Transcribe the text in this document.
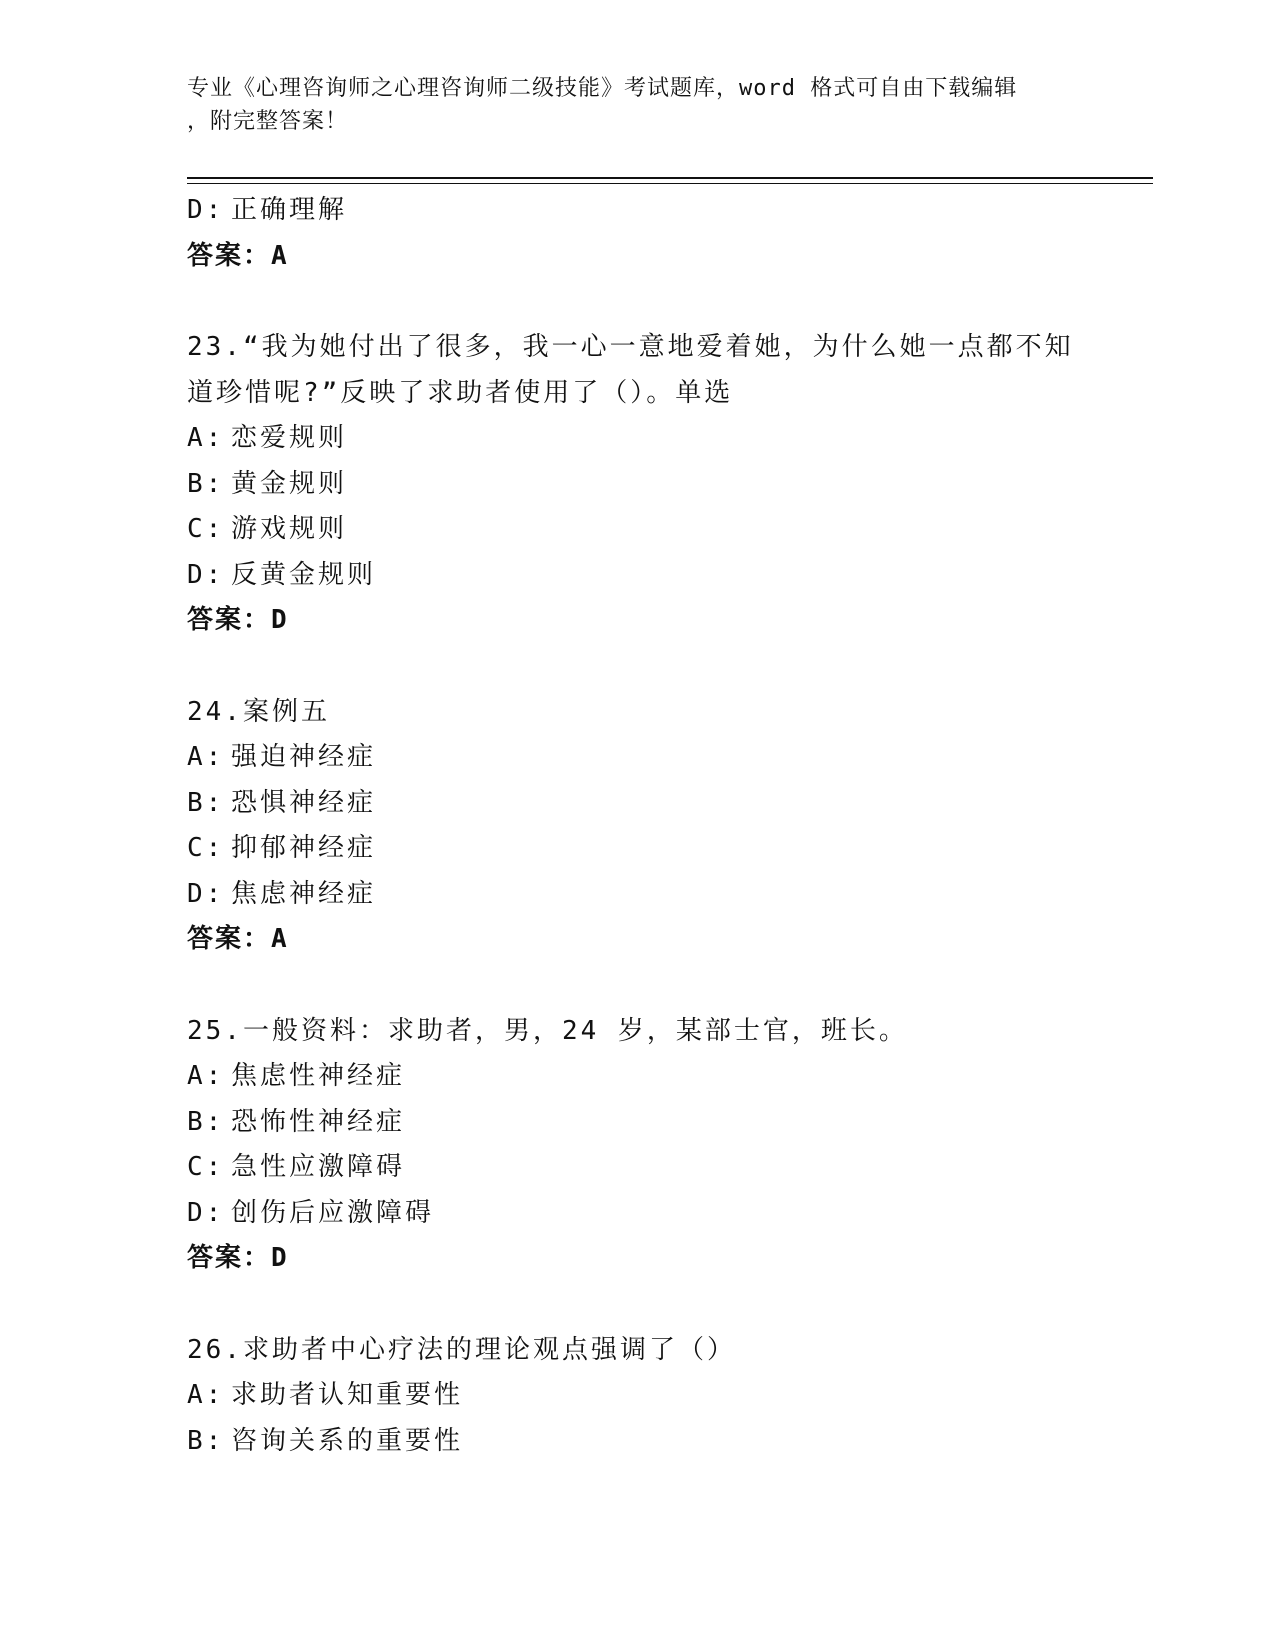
专业《心理咨询师之心理咨询师二级技能》考试题库，word 格式可自由下载编辑
，附完整答案！
D: 正确理解
答案：A
23.“我为她付出了很多，我一心一意地爱着她，为什么她一点都不知
道珍惜呢?”反映了求助者使用了（）。单选
A: 恋爱规则
B: 黄金规则
C: 游戏规则
D: 反黄金规则
答案：D
24.案例五
A: 强迫神经症
B: 恐惧神经症
C: 抑郁神经症
D: 焦虑神经症
答案：A
25.一般资料：求助者，男，24 岁，某部士官，班长。
A: 焦虑性神经症
B: 恐怖性神经症
C: 急性应激障碍
D: 创伤后应激障碍
答案：D
26.求助者中心疗法的理论观点强调了（）
A: 求助者认知重要性
B: 咨询关系的重要性
